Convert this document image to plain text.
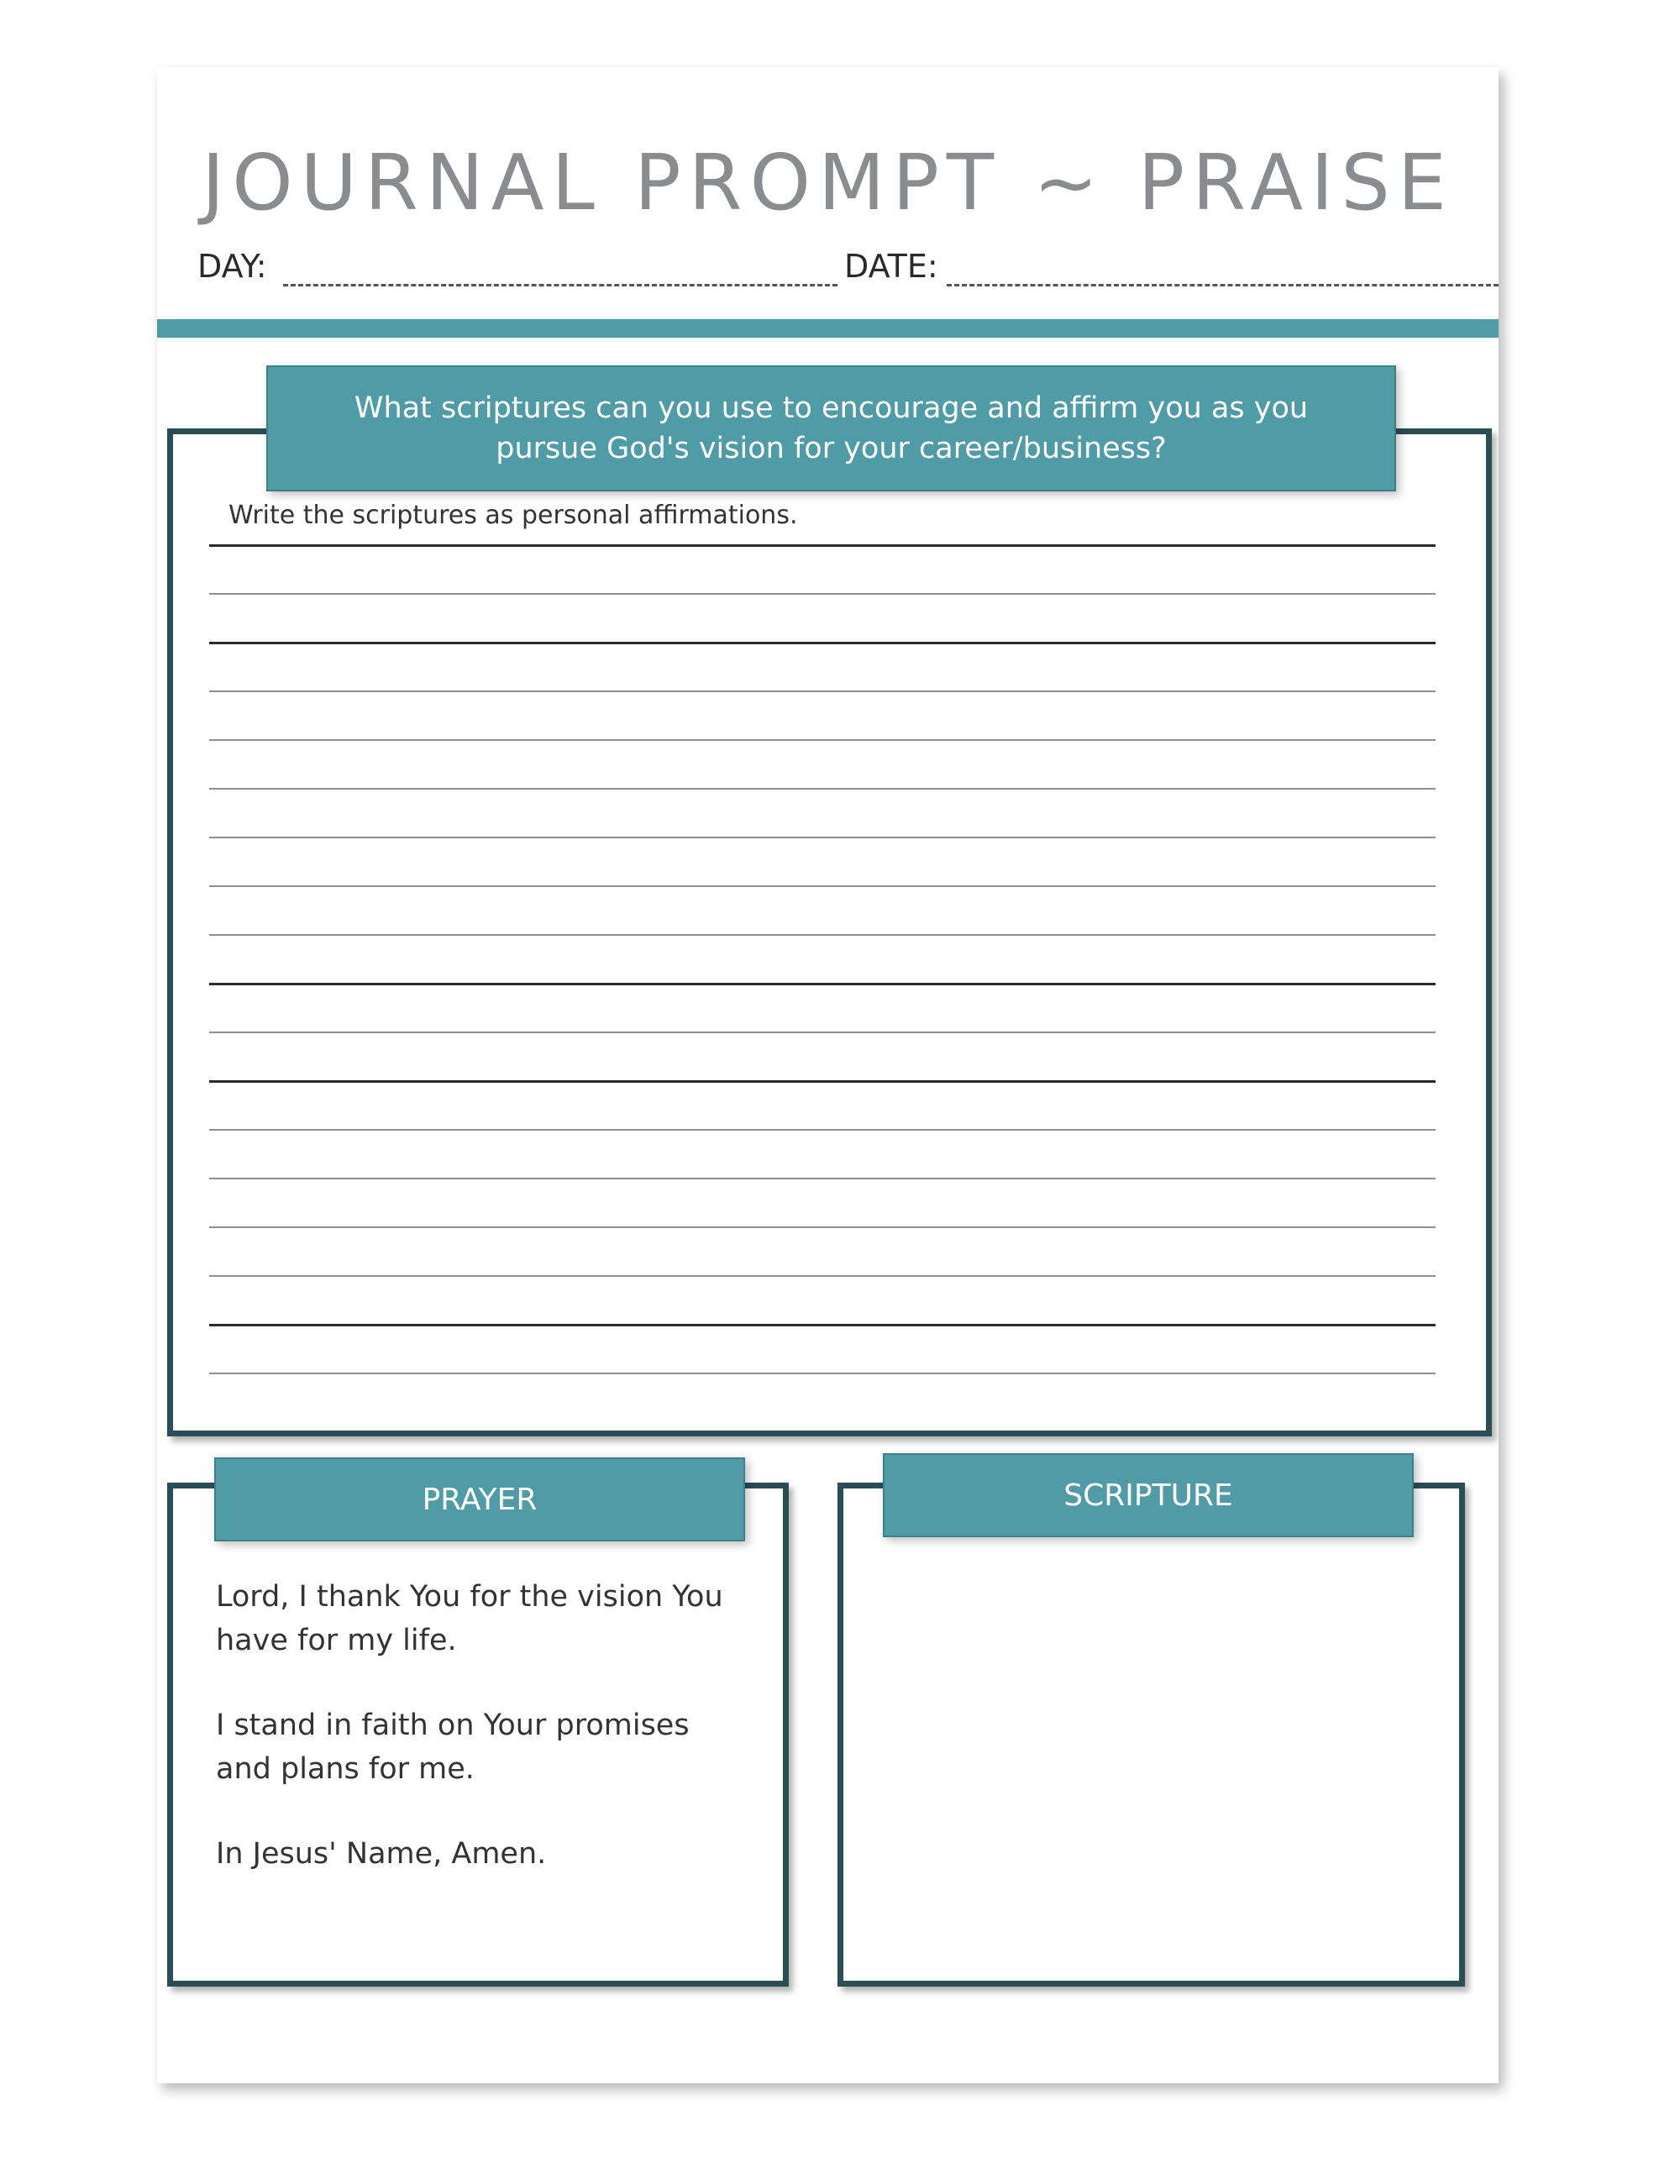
JOURNAL PROMPT ~ PRAISE
DAY:	DATE:
What scriptures can you use to encourage and affirm you as you pursue God's vision for your career/business?
Write the scriptures as personal affirmations.
PRAYER

Lord, I thank You for the vision You have for my life.

I stand in faith on Your promises and plans for me.

In Jesus' Name, Amen.

SCRIPTURE
